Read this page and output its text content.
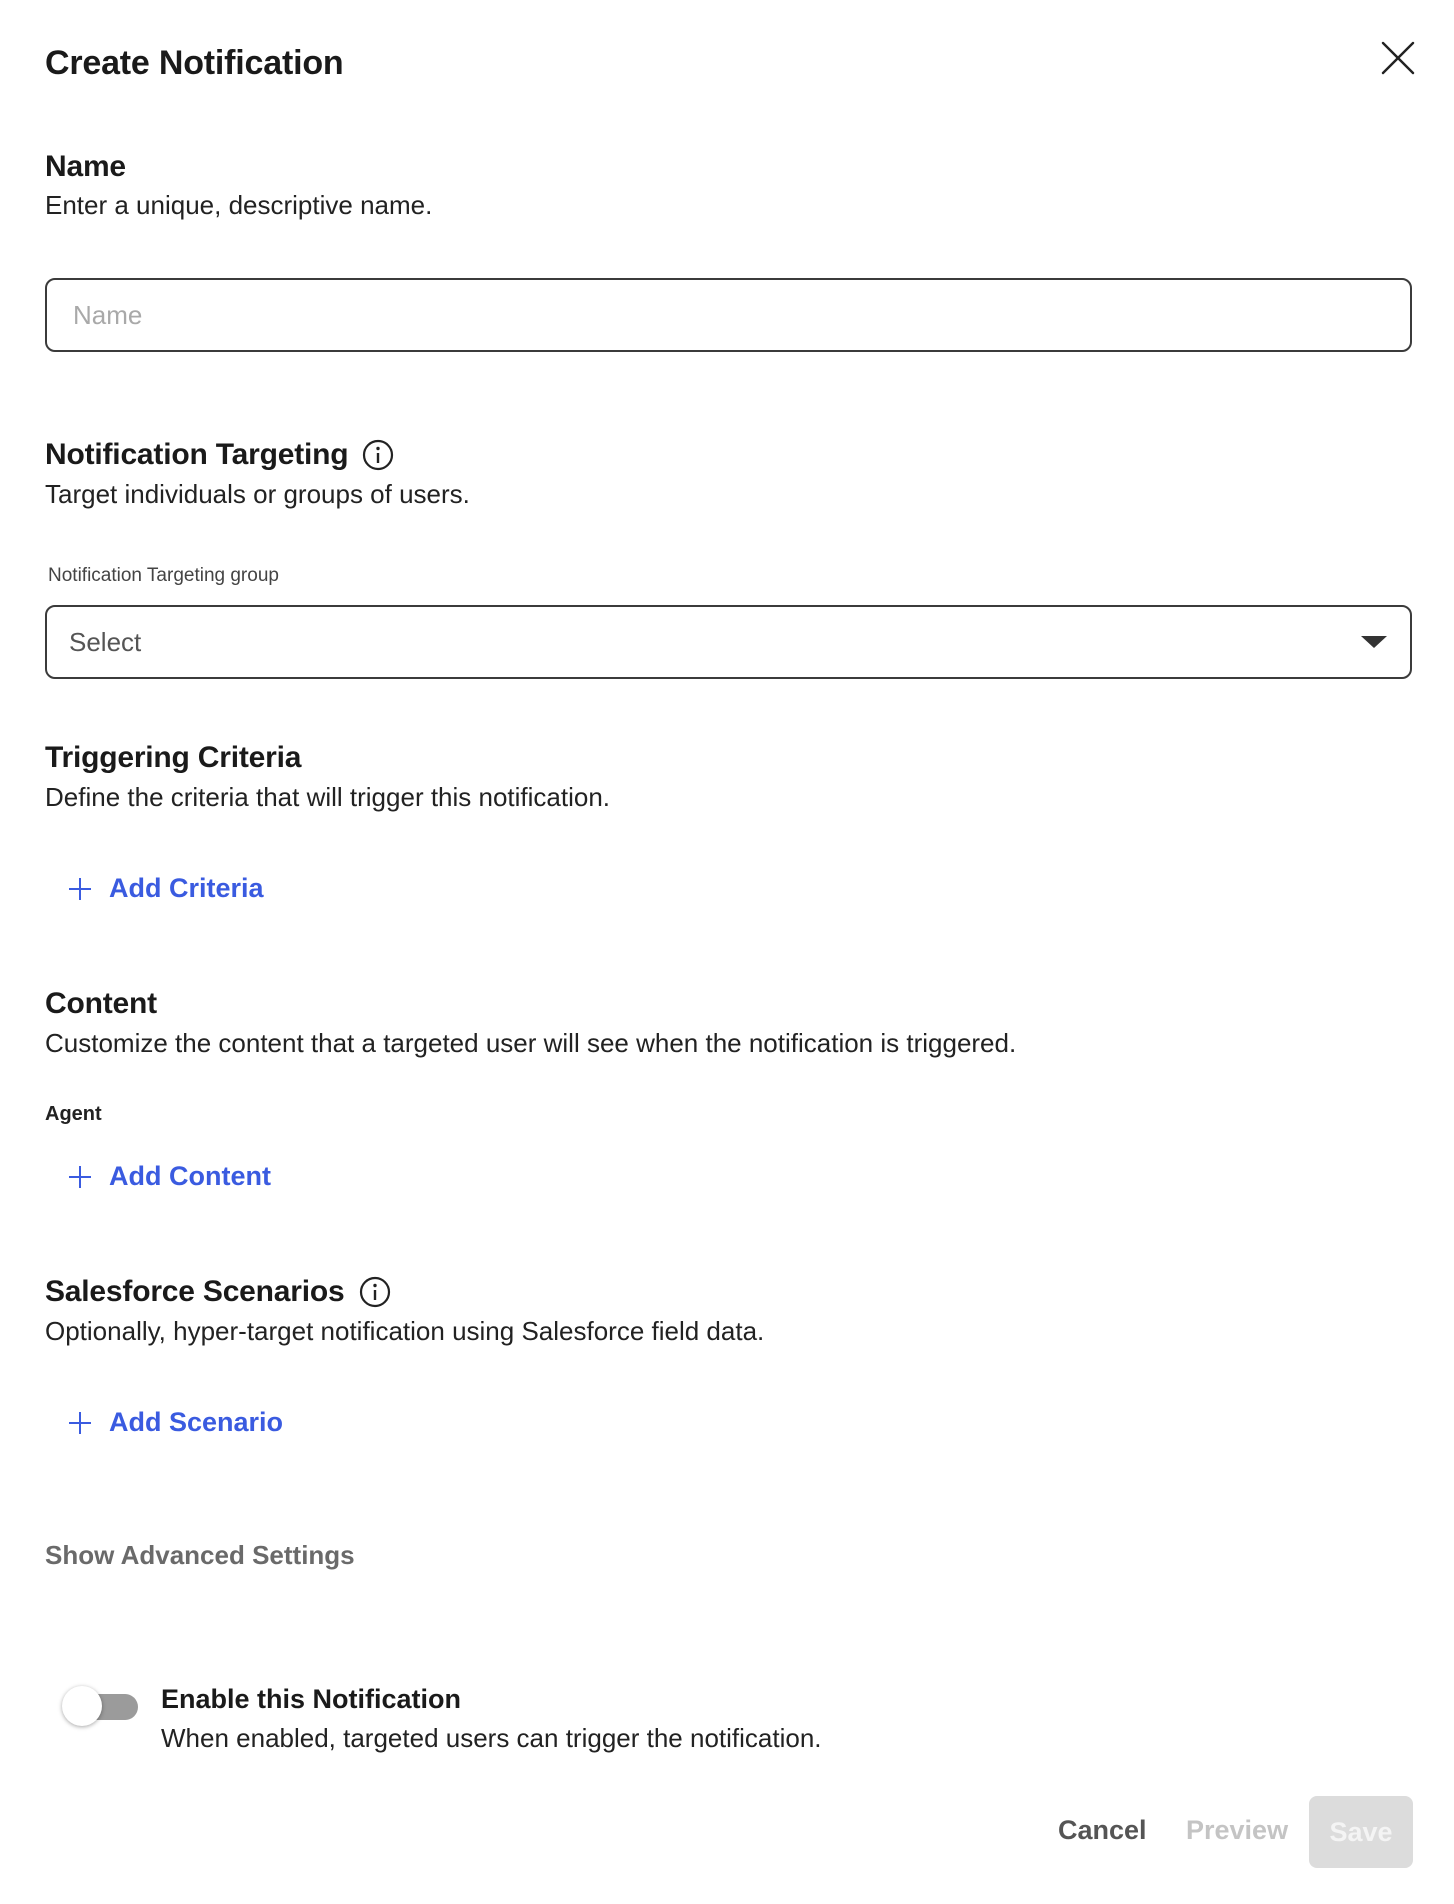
Create Notification
Name
Enter a unique, descriptive name.
Name
Notification Targeting
Target individuals or groups of users.
Notification Targeting group
Select
Triggering Criteria
Define the criteria that will trigger this notification.
Add Criteria
Content
Customize the content that a targeted user will see when the notification is triggered.
Agent
Add Content
Salesforce Scenarios
Optionally, hyper-target notification using Salesforce field data.
Add Scenario
Show Advanced Settings
Enable this Notification
When enabled, targeted users can trigger the notification.
Cancel Preview Save
